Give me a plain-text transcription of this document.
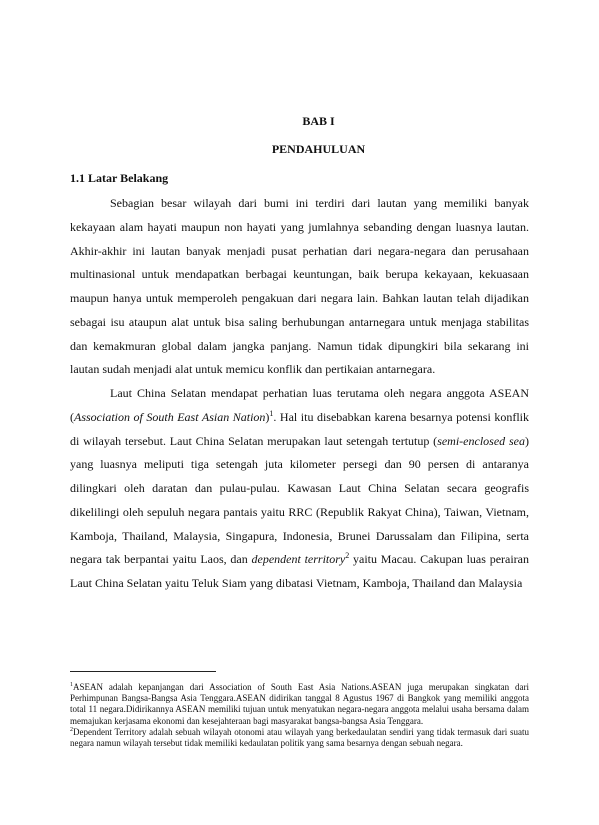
BAB I
PENDAHULUAN
1.1 Latar Belakang

Sebagian besar wilayah dari bumi ini terdiri dari lautan yang memiliki banyak kekayaan alam hayati maupun non hayati yang jumlahnya sebanding dengan luasnya lautan. Akhir-akhir ini lautan banyak menjadi pusat perhatian dari negara-negara dan perusahaan multinasional untuk mendapatkan berbagai keuntungan, baik berupa kekayaan, kekuasaan maupun hanya untuk memperoleh pengakuan dari negara lain. Bahkan lautan telah dijadikan sebagai isu ataupun alat untuk bisa saling berhubungan antarnegara untuk menjaga stabilitas dan kemakmuran global dalam jangka panjang. Namun tidak dipungkiri bila sekarang ini lautan sudah menjadi alat untuk memicu konflik dan pertikaian antarnegara.

Laut China Selatan mendapat perhatian luas terutama oleh negara anggota ASEAN (Association of South East Asian Nation)$^1$. Hal itu disebabkan karena besarnya potensi konflik di wilayah tersebut. Laut China Selatan merupakan laut setengah tertutup (semi-enclosed sea) yang luasnya meliputi tiga setengah juta kilometer persegi dan 90 persen di antaranya dilingkari oleh daratan dan pulau-pulau. Kawasan Laut China Selatan secara geografis dikelilingi oleh sepuluh negara pantais yaitu RRC (Republik Rakyat China), Taiwan, Vietnam, Kamboja, Thailand, Malaysia, Singapura, Indonesia, Brunei Darussalam dan Filipina, serta negara tak berpantai yaitu Laos, dan dependent territory$^2$ yaitu Macau. Cakupan luas perairan Laut China Selatan yaitu Teluk Siam yang dibatasi Vietnam, Kamboja, Thailand dan Malaysia

$^1$ASEAN adalah kepanjangan dari Association of South East Asia Nations.ASEAN juga merupakan singkatan dari Perhimpunan Bangsa-Bangsa Asia Tenggara.ASEAN didirikan tanggal 8 Agustus 1967 di Bangkok yang memiliki anggota total 11 negara.Didirikannya ASEAN memiliki tujuan untuk menyatukan negara-negara anggota melalui usaha bersama dalam memajukan kerjasama ekonomi dan kesejahteraan bagi masyarakat bangsa-bangsa Asia Tenggara.

$^2$Dependent Territory adalah sebuah wilayah otonomi atau wilayah yang berkedaulatan sendiri yang tidak termasuk dari suatu negara namun wilayah tersebut tidak memiliki kedaulatan politik yang sama besarnya dengan sebuah negara.
